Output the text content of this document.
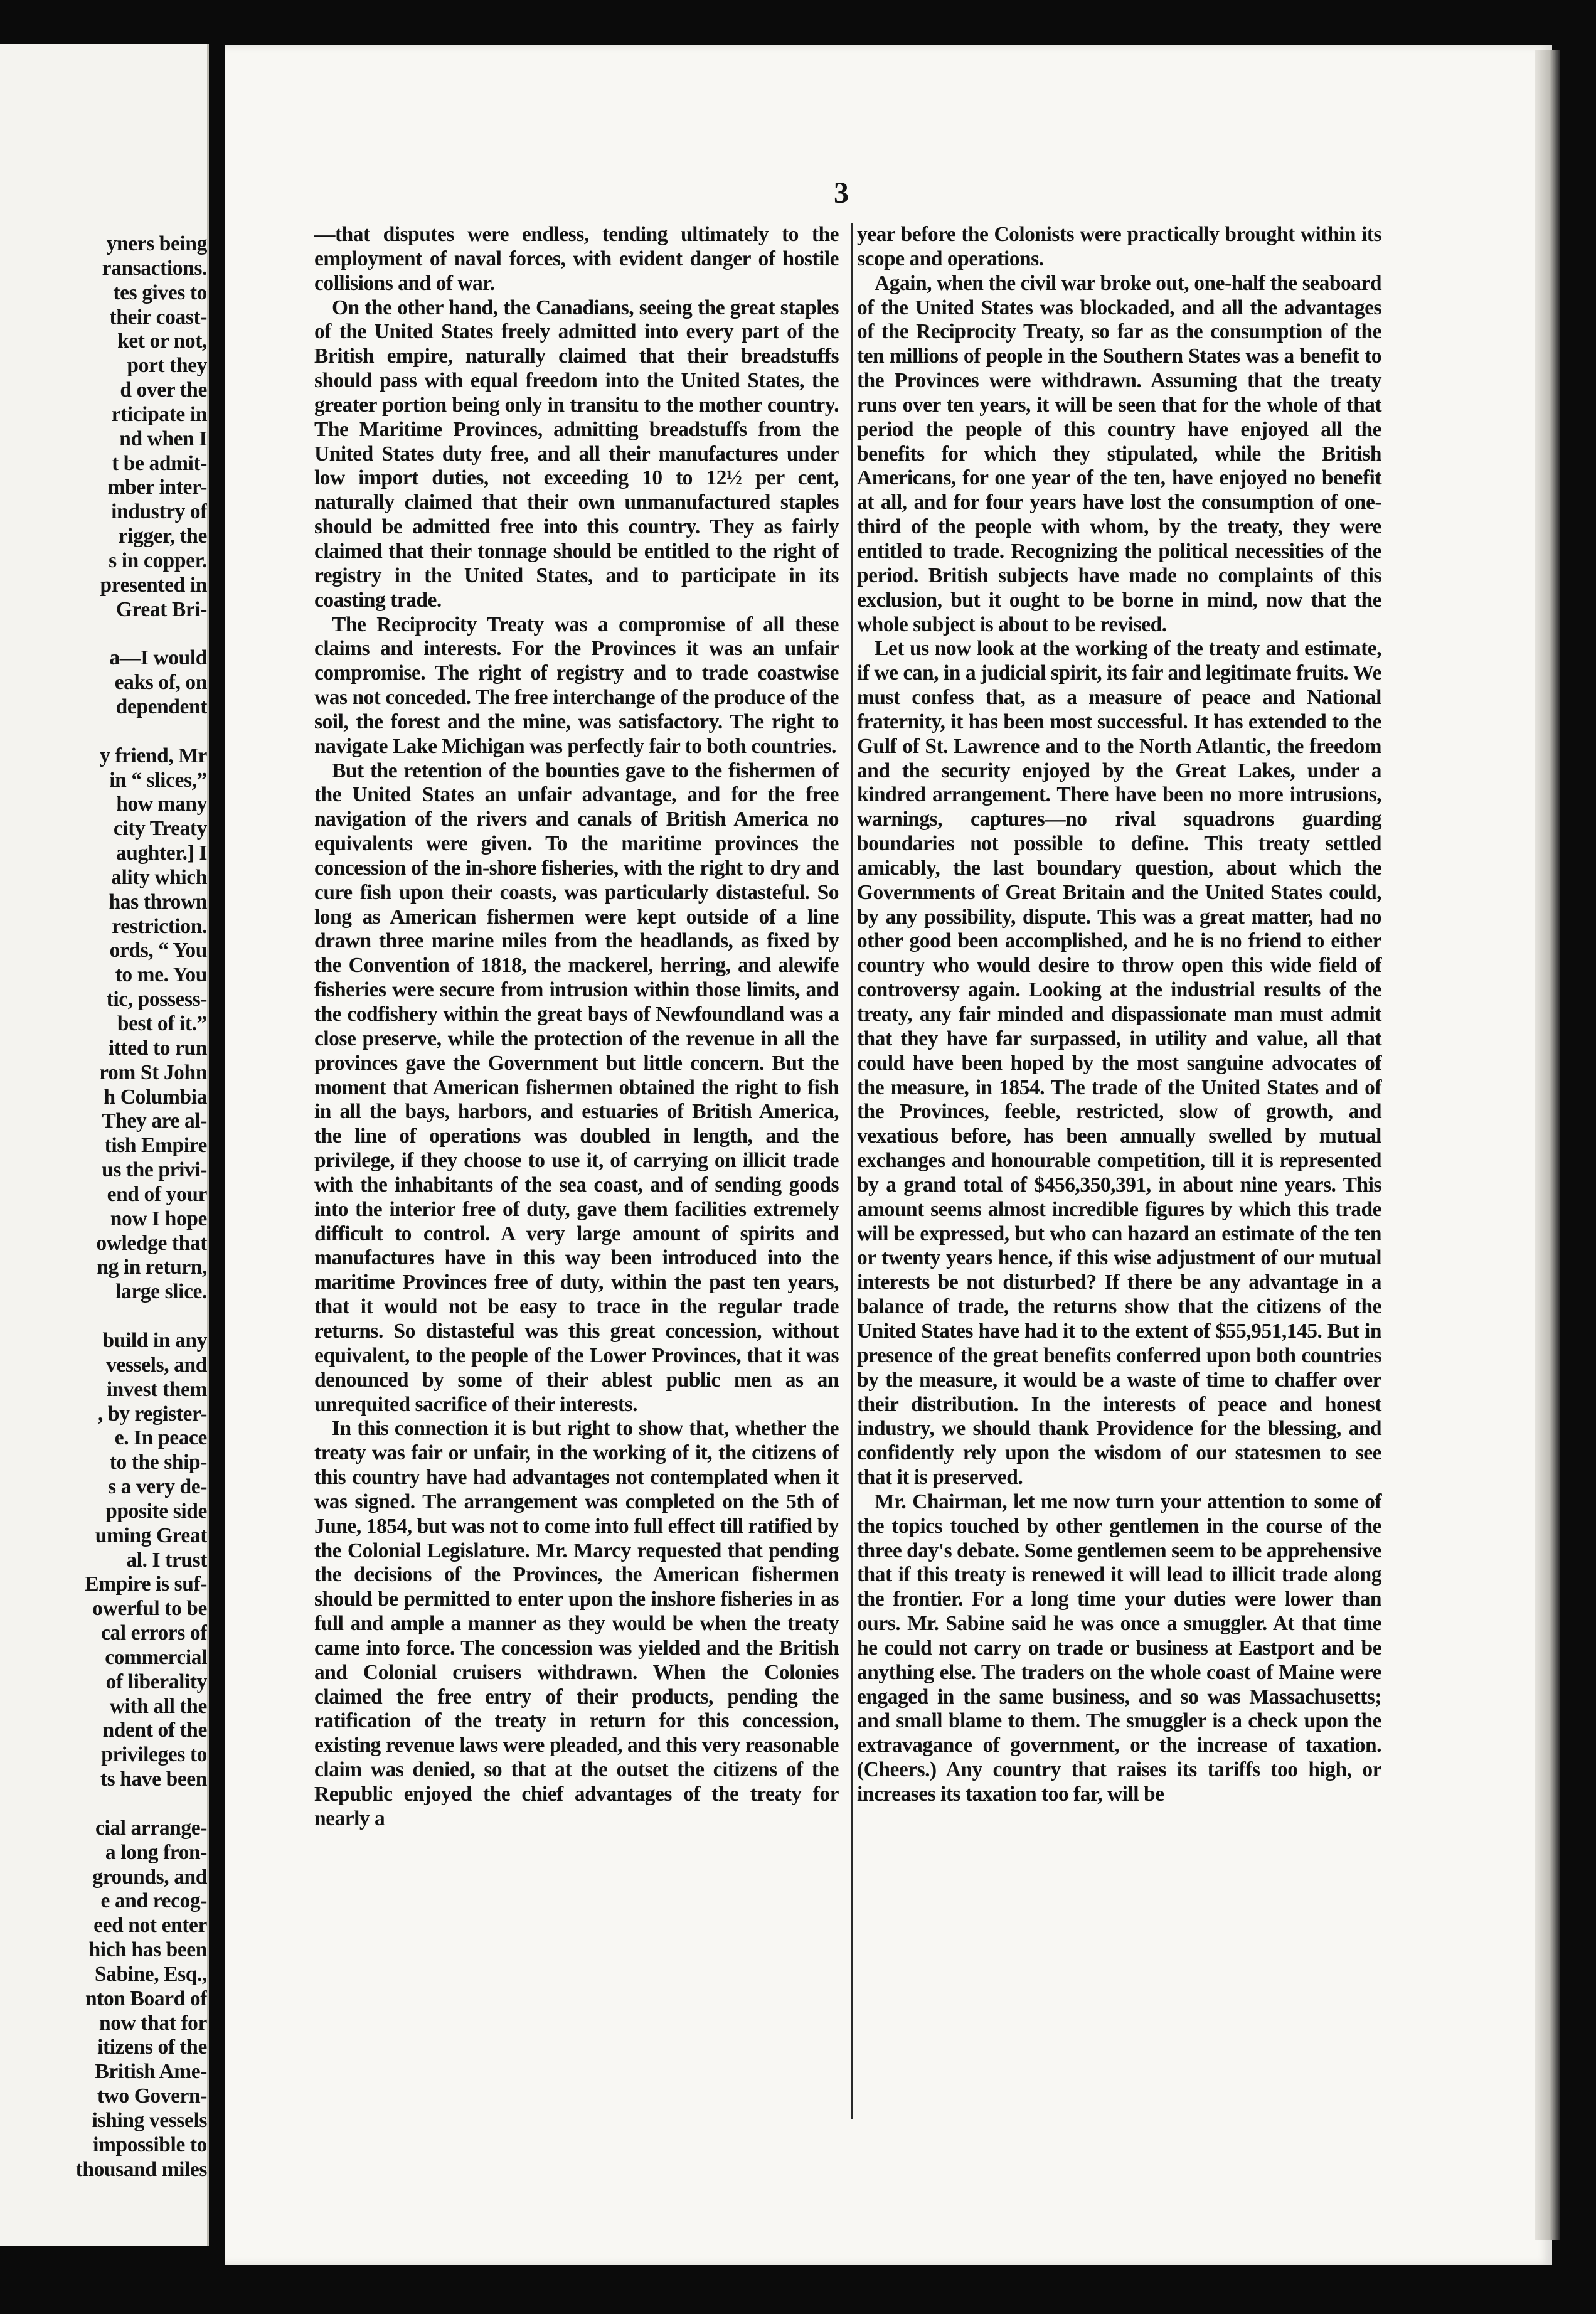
yners being
ransactions.
tes gives to
their coast-
ket or not,
port they
d over the
rticipate in
nd when I
t be admit-
mber inter-
industry of
rigger, the
s in copper.
presented in
Great Bri-
a—I would
eaks of, on
dependent
y friend, Mr
in “ slices,”
how many
city Treaty
aughter.] I
ality which
has thrown
restriction.
ords, “ You
to me. You
tic, possess-
best of it.”
itted to run
rom St John
h Columbia
They are al-
tish Empire
us the privi-
end of your
now I hope
owledge that
ng in return,
large slice.
build in any
vessels, and
invest them
, by register-
e. In peace
to the ship-
s a very de-
pposite side
uming Great
al. I trust
Empire is suf-
owerful to be
cal errors of
commercial
of liberality
with all the
ndent of the
privileges to
ts have been
cial arrange-
a long fron-
grounds, and
e and recog-
eed not enter
hich has been
Sabine, Esq.,
nton Board of
now that for
itizens of the
British Ame-
two Govern-
ishing vessels
impossible to
thousand miles

3

—that disputes were endless, tending ultimately to the employment of naval forces, with evident danger of hostile collisions and of war.

On the other hand, the Canadians, seeing the great staples of the United States freely admitted into every part of the British empire, naturally claimed that their breadstuffs should pass with equal freedom into the United States, the greater portion being only in transitu to the mother country. The Maritime Provinces, admitting breadstuffs from the United States duty free, and all their manufactures under low import duties, not exceeding 10 to 12½ per cent, naturally claimed that their own unmanufactured staples should be admitted free into this country. They as fairly claimed that their tonnage should be entitled to the right of registry in the United States, and to participate in its coasting trade.

The Reciprocity Treaty was a compromise of all these claims and interests. For the Provinces it was an unfair compromise. The right of registry and to trade coastwise was not conceded. The free interchange of the produce of the soil, the forest and the mine, was satisfactory. The right to navigate Lake Michigan was perfectly fair to both countries.

But the retention of the bounties gave to the fishermen of the United States an unfair advantage, and for the free navigation of the rivers and canals of British America no equivalents were given. To the maritime provinces the concession of the in-shore fisheries, with the right to dry and cure fish upon their coasts, was particularly distasteful. So long as American fishermen were kept outside of a line drawn three marine miles from the headlands, as fixed by the Convention of 1818, the mackerel, herring, and alewife fisheries were secure from intrusion within those limits, and the codfishery within the great bays of Newfoundland was a close preserve, while the protection of the revenue in all the provinces gave the Government but little concern. But the moment that American fishermen obtained the right to fish in all the bays, harbors, and estuaries of British America, the line of operations was doubled in length, and the privilege, if they choose to use it, of carrying on illicit trade with the inhabitants of the sea coast, and of sending goods into the interior free of duty, gave them facilities extremely difficult to control. A very large amount of spirits and manufactures have in this way been introduced into the maritime Provinces free of duty, within the past ten years, that it would not be easy to trace in the regular trade returns. So distasteful was this great concession, without equivalent, to the people of the Lower Provinces, that it was denounced by some of their ablest public men as an unrequited sacrifice of their interests.

In this connection it is but right to show that, whether the treaty was fair or unfair, in the working of it, the citizens of this country have had advantages not contemplated when it was signed. The arrangement was completed on the 5th of June, 1854, but was not to come into full effect till ratified by the Colonial Legislature. Mr. Marcy requested that pending the decisions of the Provinces, the American fishermen should be permitted to enter upon the inshore fisheries in as full and ample a manner as they would be when the treaty came into force. The concession was yielded and the British and Colonial cruisers withdrawn. When the Colonies claimed the free entry of their products, pending the ratification of the treaty in return for this concession, existing revenue laws were pleaded, and this very reasonable claim was denied, so that at the outset the citizens of the Republic enjoyed the chief advantages of the treaty for nearly a

year before the Colonists were practically brought within its scope and operations.

Again, when the civil war broke out, one-half the seaboard of the United States was blockaded, and all the advantages of the Reciprocity Treaty, so far as the consumption of the ten millions of people in the Southern States was a benefit to the Provinces were withdrawn. Assuming that the treaty runs over ten years, it will be seen that for the whole of that period the people of this country have enjoyed all the benefits for which they stipulated, while the British Americans, for one year of the ten, have enjoyed no benefit at all, and for four years have lost the consumption of one-third of the people with whom, by the treaty, they were entitled to trade. Recognizing the political necessities of the period. British subjects have made no complaints of this exclusion, but it ought to be borne in mind, now that the whole subject is about to be revised.

Let us now look at the working of the treaty and estimate, if we can, in a judicial spirit, its fair and legitimate fruits. We must confess that, as a measure of peace and National fraternity, it has been most successful. It has extended to the Gulf of St. Lawrence and to the North Atlantic, the freedom and the security enjoyed by the Great Lakes, under a kindred arrangement. There have been no more intrusions, warnings, captures—no rival squadrons guarding boundaries not possible to define. This treaty settled amicably, the last boundary question, about which the Governments of Great Britain and the United States could, by any possibility, dispute. This was a great matter, had no other good been accomplished, and he is no friend to either country who would desire to throw open this wide field of controversy again. Looking at the industrial results of the treaty, any fair minded and dispassionate man must admit that they have far surpassed, in utility and value, all that could have been hoped by the most sanguine advocates of the measure, in 1854. The trade of the United States and of the Provinces, feeble, restricted, slow of growth, and vexatious before, has been annually swelled by mutual exchanges and honourable competition, till it is represented by a grand total of $456,350,391, in about nine years. This amount seems almost incredible figures by which this trade will be expressed, but who can hazard an estimate of the ten or twenty years hence, if this wise adjustment of our mutual interests be not disturbed? If there be any advantage in a balance of trade, the returns show that the citizens of the United States have had it to the extent of $55,951,145. But in presence of the great benefits conferred upon both countries by the measure, it would be a waste of time to chaffer over their distribution. In the interests of peace and honest industry, we should thank Providence for the blessing, and confidently rely upon the wisdom of our statesmen to see that it is preserved.

Mr. Chairman, let me now turn your attention to some of the topics touched by other gentlemen in the course of the three day's debate. Some gentlemen seem to be apprehensive that if this treaty is renewed it will lead to illicit trade along the frontier. For a long time your duties were lower than ours. Mr. Sabine said he was once a smuggler. At that time he could not carry on trade or business at Eastport and be anything else. The traders on the whole coast of Maine were engaged in the same business, and so was Massachusetts; and small blame to them. The smuggler is a check upon the extravagance of government, or the increase of taxation. (Cheers.) Any country that raises its tariffs too high, or increases its taxation too far, will be
